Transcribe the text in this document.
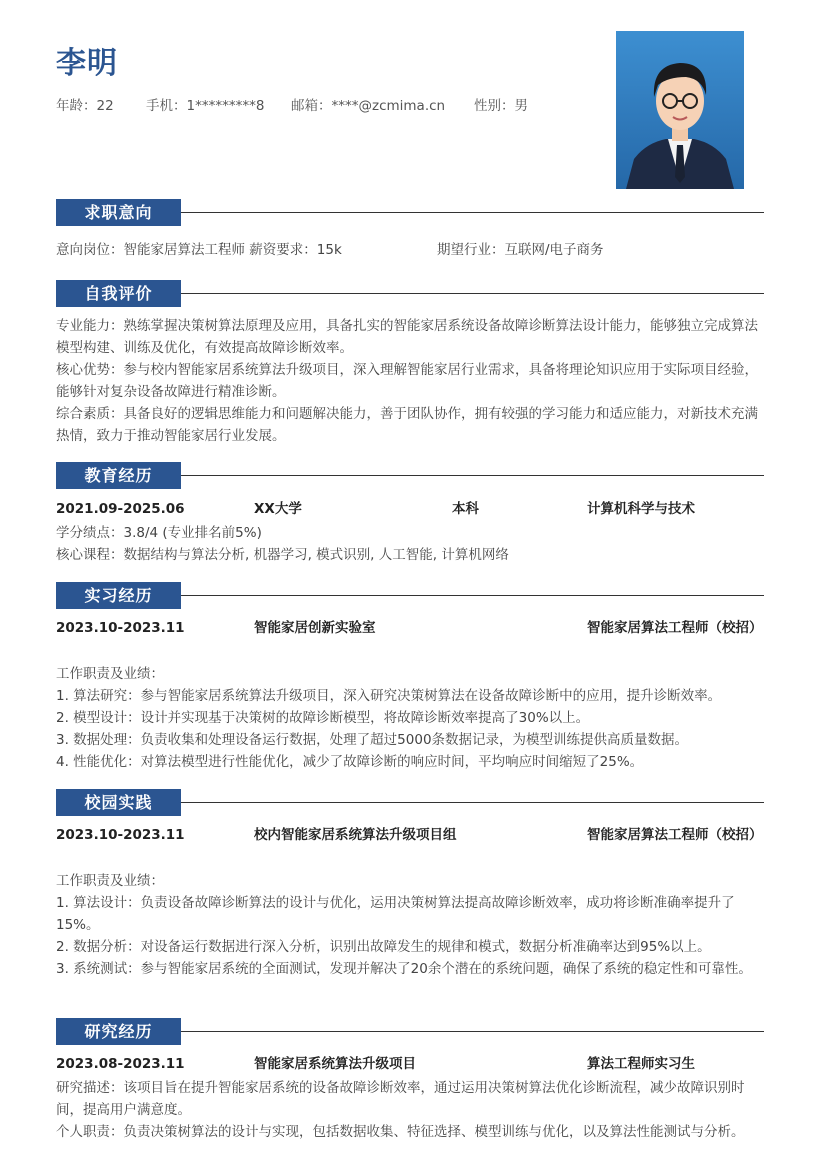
李明
年龄：22	手机：1*********8	邮箱：****@zcmima.cn	性别：男
求职意向
意向岗位：智能家居算法工程师 薪资要求：15k	期望行业：互联网/电子商务
自我评价
专业能力：熟练掌握决策树算法原理及应用，具备扎实的智能家居系统设备故障诊断算法设计能力，能够独立完成算法模型构建、训练及优化，有效提高故障诊断效率。
核心优势：参与校内智能家居系统算法升级项目，深入理解智能家居行业需求，具备将理论知识应用于实际项目经验，能够针对复杂设备故障进行精准诊断。
综合素质：具备良好的逻辑思维能力和问题解决能力，善于团队协作，拥有较强的学习能力和适应能力，对新技术充满热情，致力于推动智能家居行业发展。
教育经历
2021.09-2025.06	XX大学	本科	计算机科学与技术
学分绩点：3.8/4 (专业排名前5%)
核心课程：数据结构与算法分析, 机器学习, 模式识别, 人工智能, 计算机网络
实习经历
2023.10-2023.11	智能家居创新实验室	智能家居算法工程师（校招）
工作职责及业绩：
1. 算法研究：参与智能家居系统算法升级项目，深入研究决策树算法在设备故障诊断中的应用，提升诊断效率。
2. 模型设计：设计并实现基于决策树的故障诊断模型，将故障诊断效率提高了30%以上。
3. 数据处理：负责收集和处理设备运行数据，处理了超过5000条数据记录，为模型训练提供高质量数据。
4. 性能优化：对算法模型进行性能优化，减少了故障诊断的响应时间，平均响应时间缩短了25%。
校园实践
2023.10-2023.11	校内智能家居系统算法升级项目组	智能家居算法工程师（校招）
工作职责及业绩：
1. 算法设计：负责设备故障诊断算法的设计与优化，运用决策树算法提高故障诊断效率，成功将诊断准确率提升了15%。
2. 数据分析：对设备运行数据进行深入分析，识别出故障发生的规律和模式，数据分析准确率达到95%以上。
3. 系统测试：参与智能家居系统的全面测试，发现并解决了20余个潜在的系统问题，确保了系统的稳定性和可靠性。
研究经历
2023.08-2023.11	智能家居系统算法升级项目	算法工程师实习生
研究描述：该项目旨在提升智能家居系统的设备故障诊断效率，通过运用决策树算法优化诊断流程，减少故障识别时间，提高用户满意度。
个人职责：负责决策树算法的设计与实现，包括数据收集、特征选择、模型训练与优化，以及算法性能测试与分析。
